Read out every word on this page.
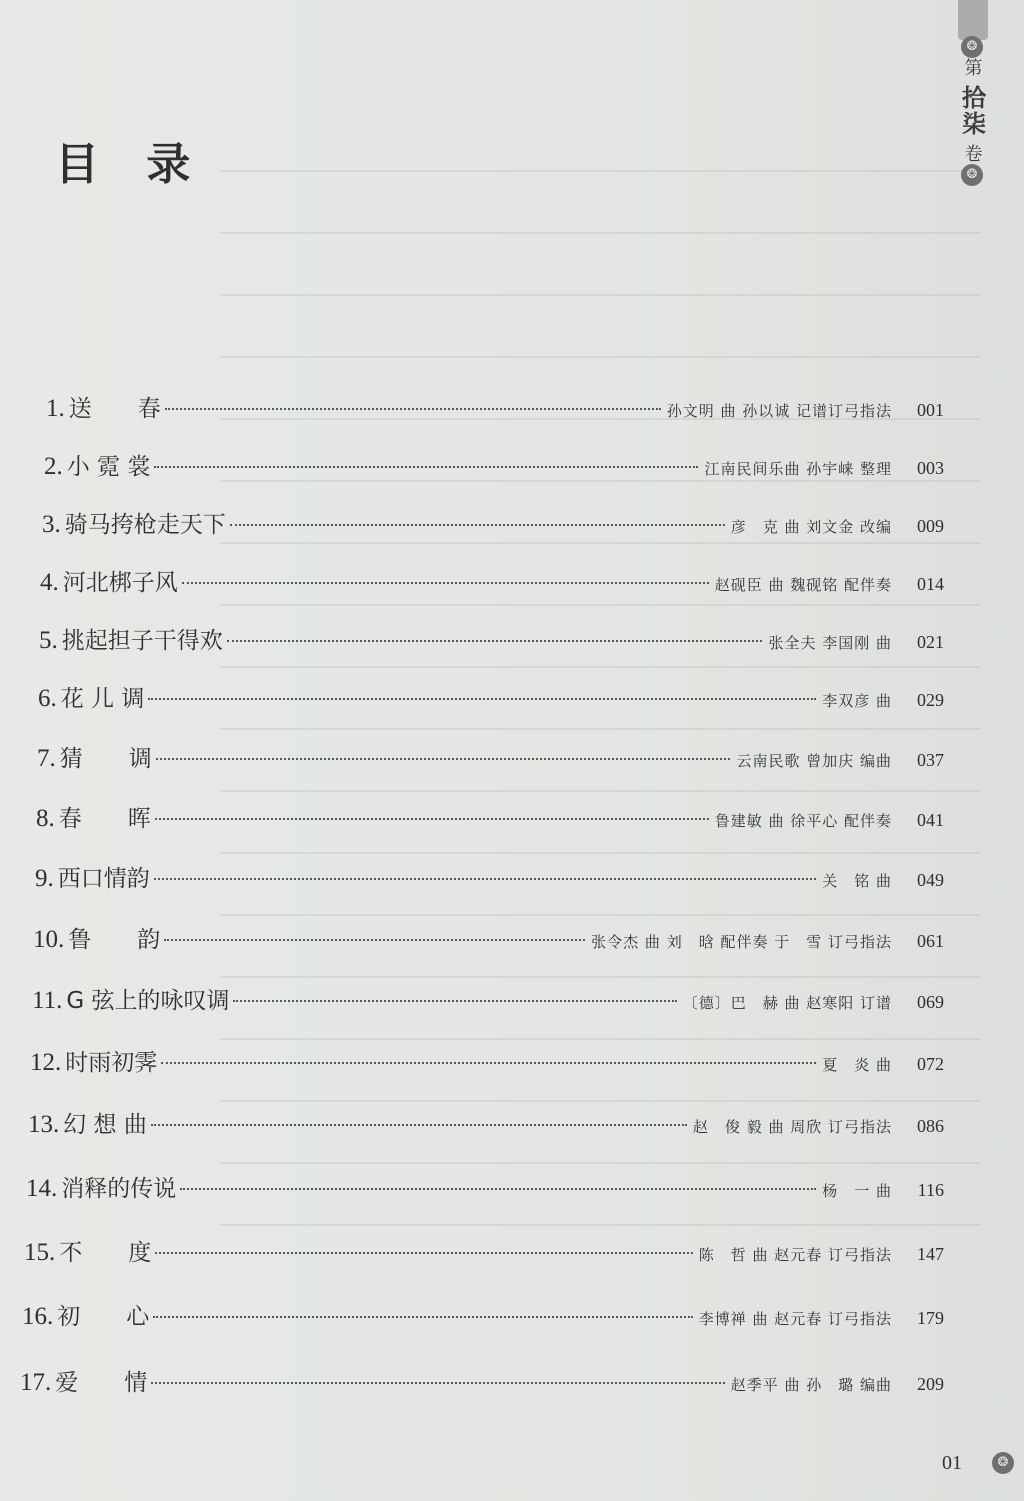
❂
第 拾柒 卷
❂
目 录
1. 送　　春	孙文明 曲 孙以诚 记谱订弓指法	001
2. 小 霓 裳	江南民间乐曲 孙宇崃 整理	003
3. 骑马挎枪走天下	彦　克 曲 刘文金 改编	009
4. 河北梆子风	赵砚臣 曲 魏砚铭 配伴奏	014
5. 挑起担子干得欢	张全夫 李国刚 曲	021
6. 花 儿 调	李双彦 曲	029
7. 猜　　调	云南民歌 曾加庆 编曲	037
8. 春　　晖	鲁建敏 曲 徐平心 配伴奏	041
9. 西口情韵	关　铭 曲	049
10. 鲁　　韵	张令杰 曲 刘　晗 配伴奏 于　雪 订弓指法	061
11. G 弦上的咏叹调	〔德〕巴　赫 曲 赵寒阳 订谱	069
12. 时雨初霁	夏　炎 曲	072
13. 幻 想 曲	赵　俊 毅 曲 周欣 订弓指法	086
14. 消释的传说	杨　一 曲	116
15. 不　　度	陈　哲 曲 赵元春 订弓指法	147
16. 初　　心	李博禅 曲 赵元春 订弓指法	179
17. 爱　　情	赵季平 曲 孙　璐 编曲	209
01	❂
